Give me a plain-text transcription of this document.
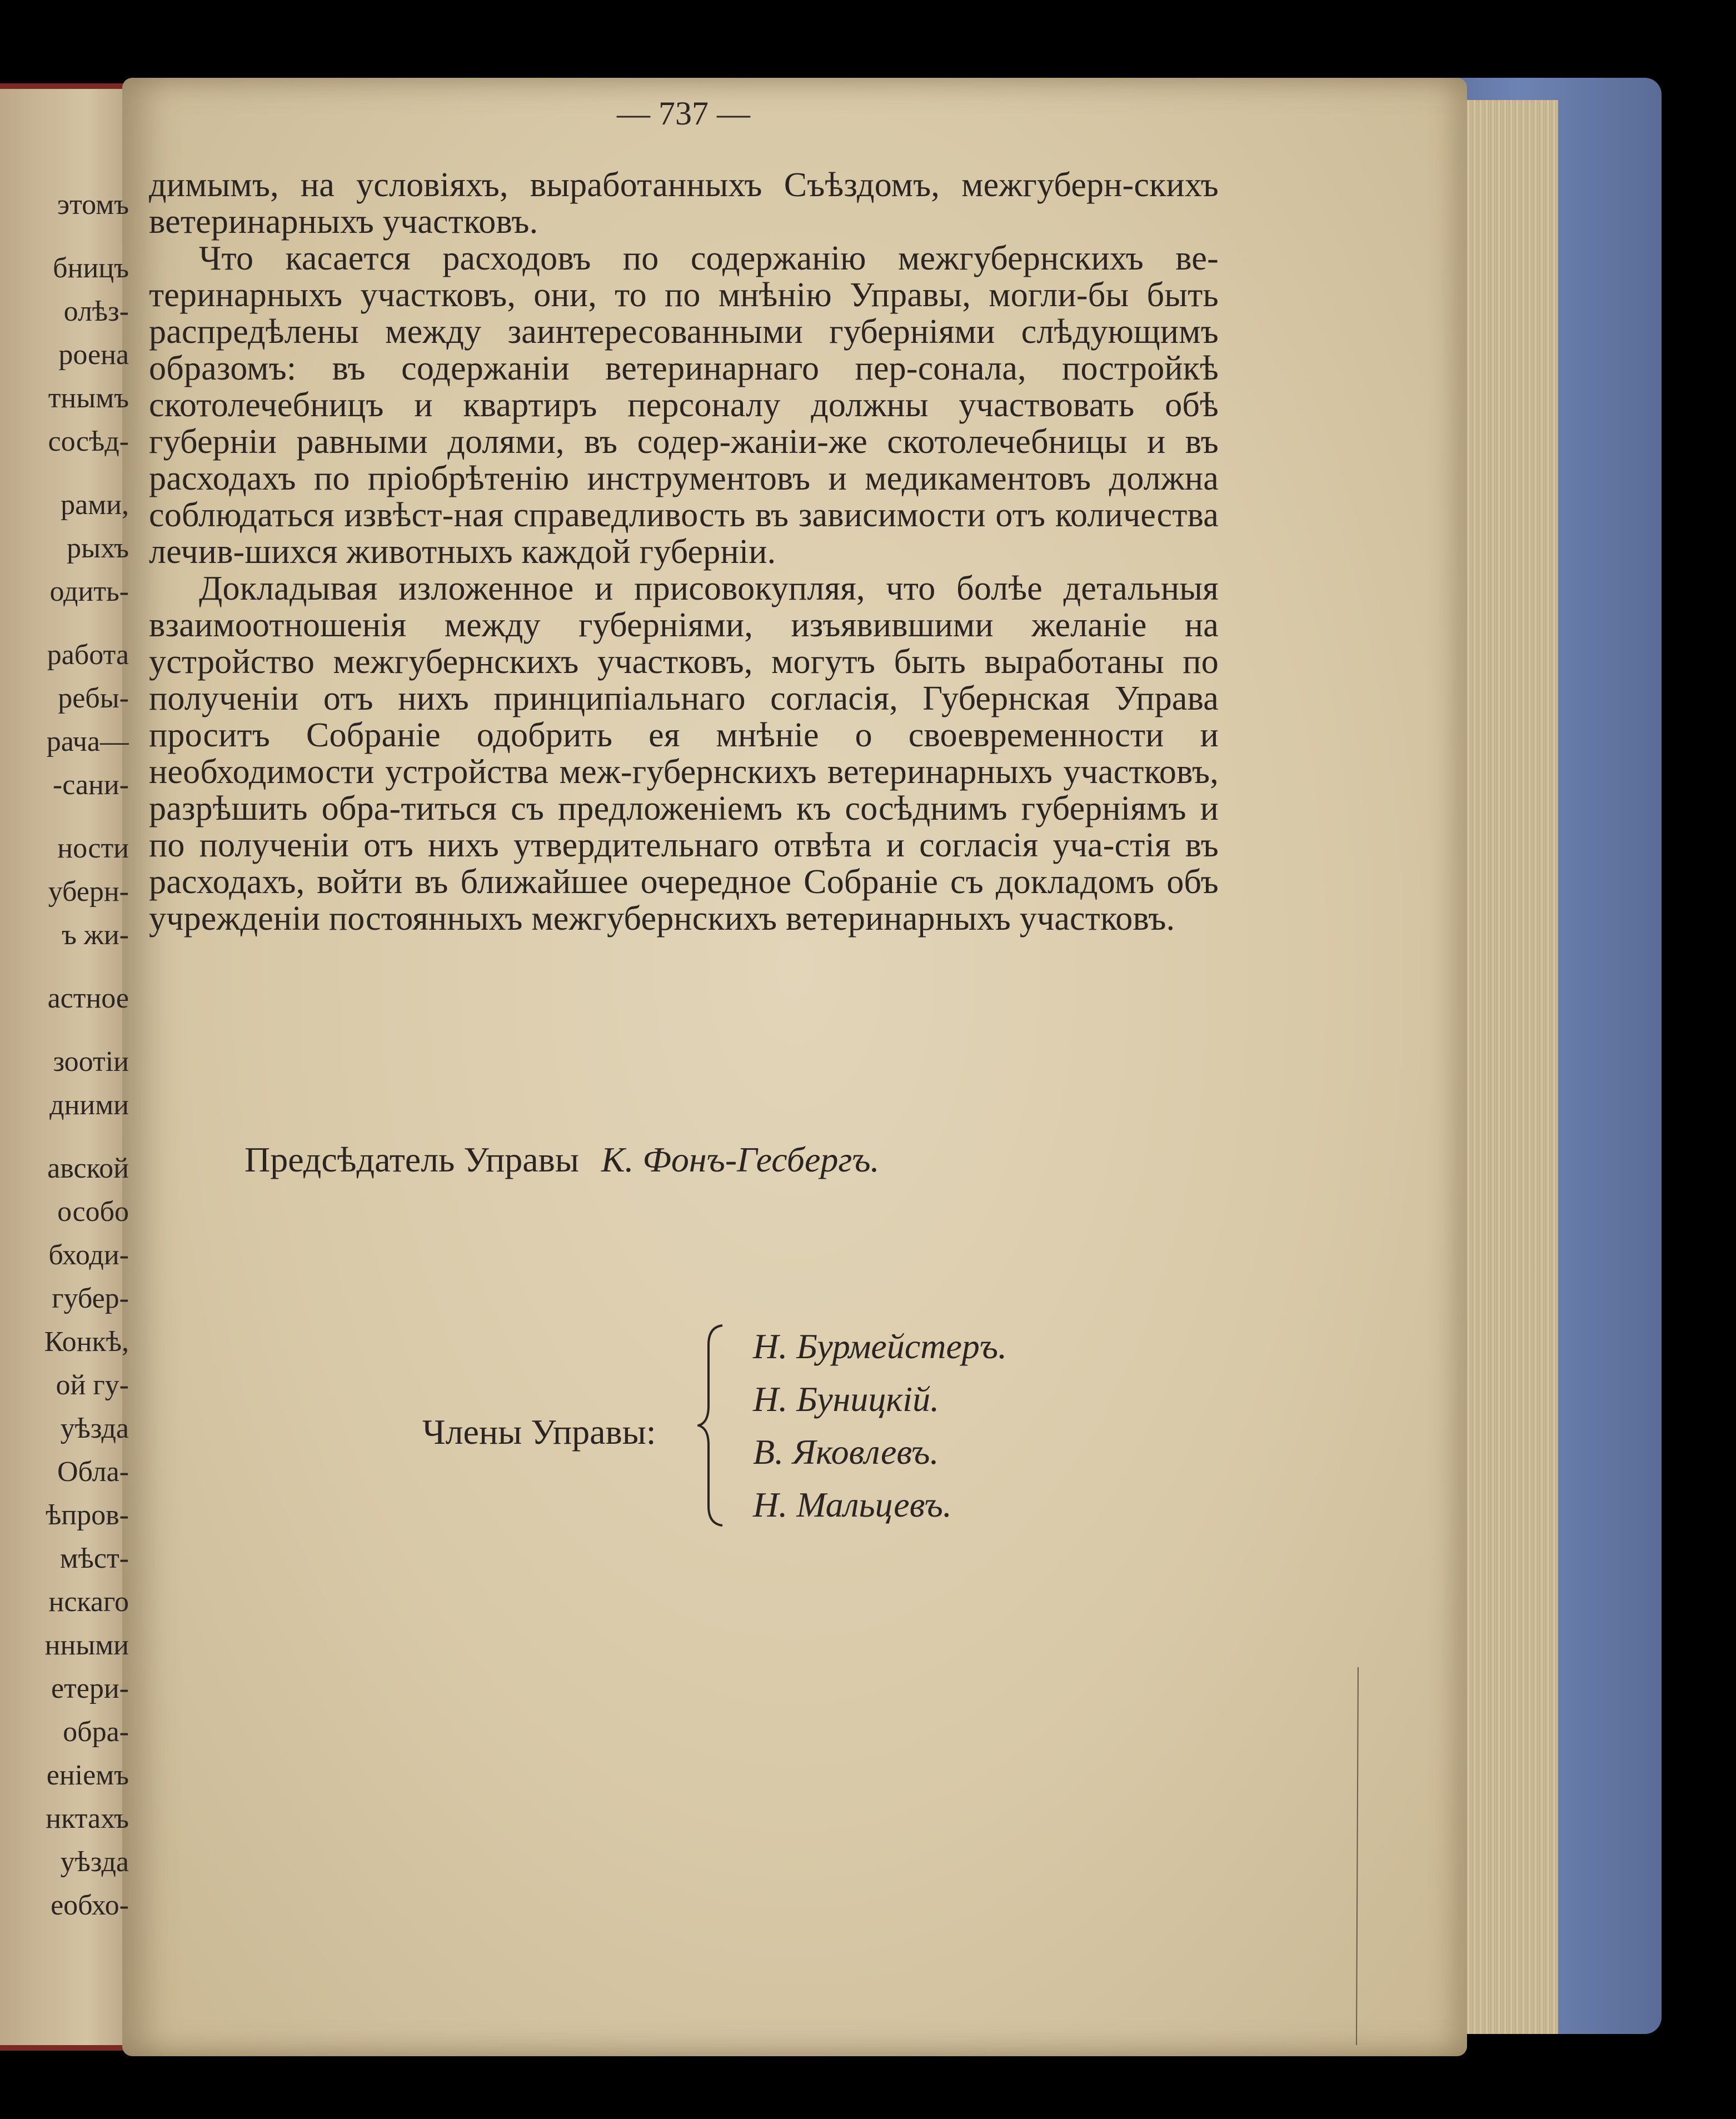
этомъ
бницъ
олѣз-
роена
тнымъ
сосѣд-
рами,
рыхъ
одить-
работа
ребы-
рача—
-сани-
ности
уберн-
ъ жи-
астное
зоотіи
дними
авской
особо
бходи-
губер-
Конкѣ,
ой гу-
уѣзда
Обла-
ѣпров-
мѣст-
нскаго
нными
етери-
обра-
еніемъ
нктахъ
уѣзда
еобхо-
— 737 —

димымъ, на условіяхъ, выработанныхъ Съѣздомъ, межгуберн-скихъ ветеринарныхъ участковъ.

Что касается расходовъ по содержанію межгубернскихъ ве-теринарныхъ участковъ, они, то по мнѣнію Управы, могли-бы быть распредѣлены между заинтересованными губерніями слѣдующимъ образомъ: въ содержаніи ветеринарнаго пер-сонала, постройкѣ скотолечебницъ и квартиръ персоналу должны участвовать обѣ губерніи равными долями, въ содер-жаніи-же скотолечебницы и въ расходахъ по пріобрѣтенію инструментовъ и медикаментовъ должна соблюдаться извѣст-ная справедливость въ зависимости отъ количества лечив-шихся животныхъ каждой губерніи.

Докладывая изложенное и присовокупляя, что болѣе детальныя взаимоотношенія между губерніями, изъявившими желаніе на устройство межгубернскихъ участковъ, могутъ быть выработаны по полученіи отъ нихъ принципіальнаго согласія, Губернская Управа проситъ Собраніе одобрить ея мнѣніе о своевременности и необходимости устройства меж-губернскихъ ветеринарныхъ участковъ, разрѣшить обра-титься съ предложеніемъ къ сосѣднимъ губерніямъ и по полученіи отъ нихъ утвердительнаго отвѣта и согласія уча-стія въ расходахъ, войти въ ближайшее очередное Собраніе съ докладомъ объ учрежденіи постоянныхъ межгубернскихъ ветеринарныхъ участковъ.

Предсѣдатель Управы К. Фонъ-Гесбергъ.
Члены Управы:
Н. Бурмейстеръ.
Н. Буницкій.
В. Яковлевъ.
Н. Мальцевъ.
